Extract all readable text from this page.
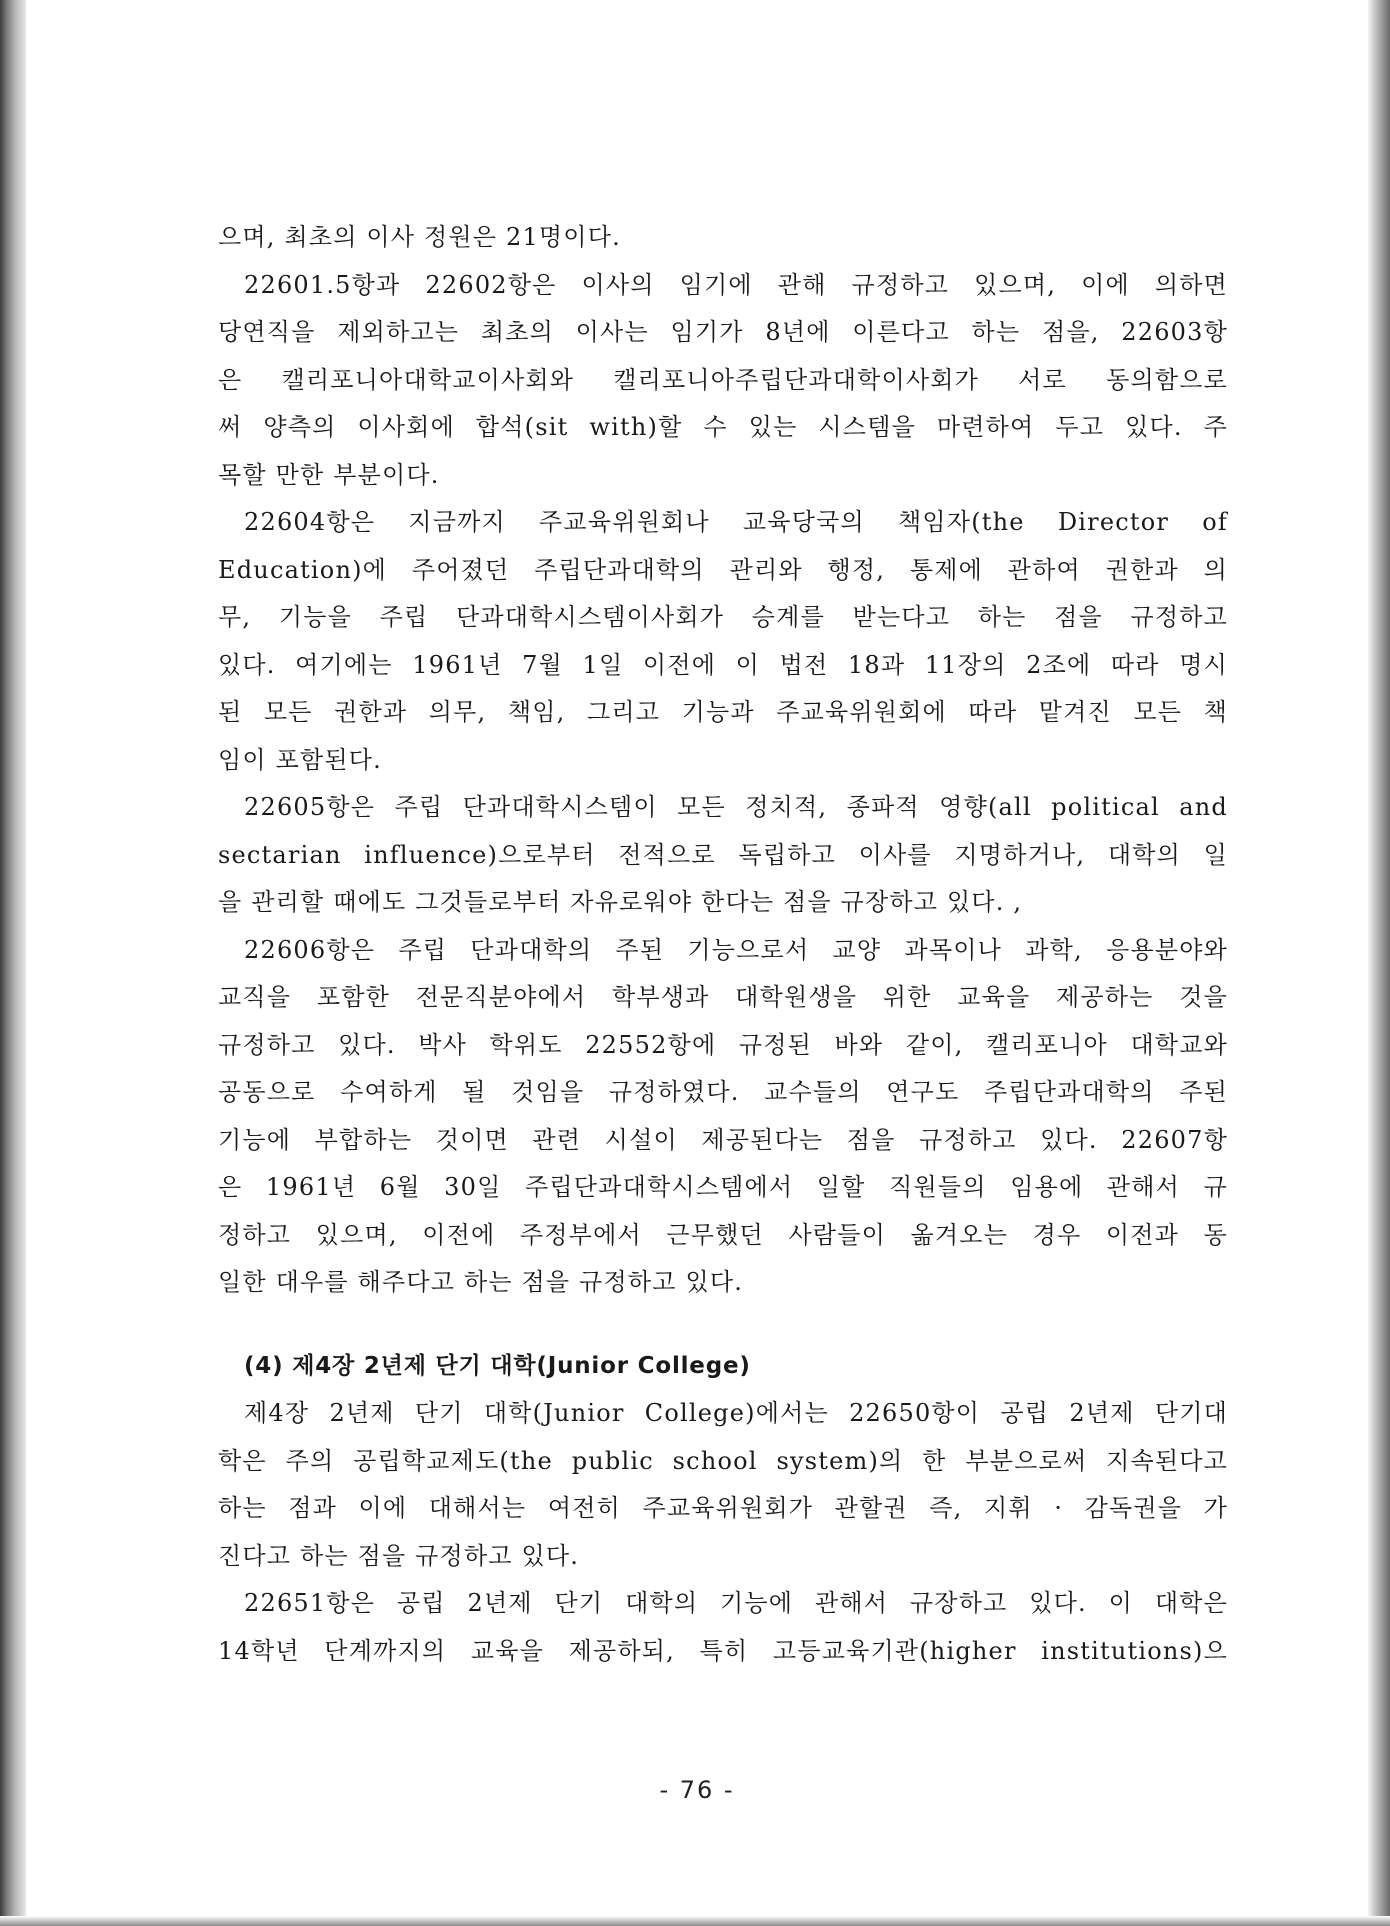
으며, 최초의 이사 정원은 21명이다.
22601.5항과 22602항은 이사의 임기에 관해 규정하고 있으며, 이에 의하면
당연직을 제외하고는 최초의 이사는 임기가 8년에 이른다고 하는 점을, 22603항
은 캘리포니아대학교이사회와 캘리포니아주립단과대학이사회가 서로 동의함으로
써 양측의 이사회에 합석(sit with)할 수 있는 시스템을 마련하여 두고 있다. 주
목할 만한 부분이다.
22604항은 지금까지 주교육위원회나 교육당국의 책임자(the Director of
Education)에 주어졌던 주립단과대학의 관리와 행정, 통제에 관하여 권한과 의
무, 기능을 주립 단과대학시스템이사회가 승계를 받는다고 하는 점을 규정하고
있다. 여기에는 1961년 7월 1일 이전에 이 법전 18과 11장의 2조에 따라 명시
된 모든 권한과 의무, 책임, 그리고 기능과 주교육위원회에 따라 맡겨진 모든 책
임이 포함된다.
22605항은 주립 단과대학시스템이 모든 정치적, 종파적 영향(all political and
sectarian influence)으로부터 전적으로 독립하고 이사를 지명하거나, 대학의 일
을 관리할 때에도 그것들로부터 자유로워야 한다는 점을 규장하고 있다. ,
22606항은 주립 단과대학의 주된 기능으로서 교양 과목이나 과학, 응용분야와
교직을 포함한 전문직분야에서 학부생과 대학원생을 위한 교육을 제공하는 것을
규정하고 있다. 박사 학위도 22552항에 규정된 바와 같이, 캘리포니아 대학교와
공동으로 수여하게 될 것임을 규정하였다. 교수들의 연구도 주립단과대학의 주된
기능에 부합하는 것이면 관련 시설이 제공된다는 점을 규정하고 있다. 22607항
은 1961년 6월 30일 주립단과대학시스템에서 일할 직원들의 임용에 관해서 규
정하고 있으며, 이전에 주정부에서 근무했던 사람들이 옮겨오는 경우 이전과 동
일한 대우를 해주다고 하는 점을 규정하고 있다.
(4) 제4장 2년제 단기 대학(Junior College)
제4장 2년제 단기 대학(Junior College)에서는 22650항이 공립 2년제 단기대
학은 주의 공립학교제도(the public school system)의 한 부분으로써 지속된다고
하는 점과 이에 대해서는 여전히 주교육위원회가 관할권 즉, 지휘 · 감독권을 가
진다고 하는 점을 규정하고 있다.
22651항은 공립 2년제 단기 대학의 기능에 관해서 규장하고 있다. 이 대학은
14학년 단계까지의 교육을 제공하되, 특히 고등교육기관(higher institutions)으
- 76 -
